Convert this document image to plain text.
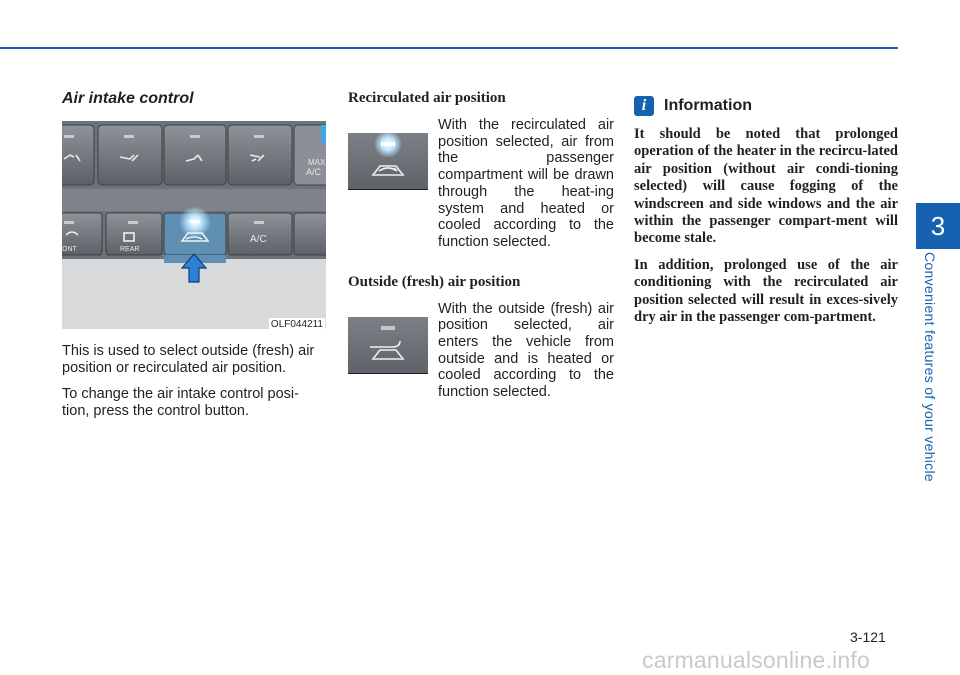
3
Convenient features of your vehicle
Air intake control
MAX
A/C
ONT	REAR
A/C
OLF044211

This is used to select outside (fresh) air position or recirculated air position.

To change the air intake control posi-tion, press the control button.

Recirculated air position
With the recirculated air position selected, air from the passenger compartment will be drawn through the heat-ing system and heated or cooled according to the function selected.
Outside (fresh) air position
With the outside (fresh) air position selected, air enters the vehicle from outside and is heated or cooled according to the function selected.
i	Information

It should be noted that prolonged operation of the heater in the recircu-lated air position (without air condi-tioning selected) will cause fogging of the windscreen and side windows and the air within the passenger compart-ment will become stale.

In addition, prolonged use of the air conditioning with the recirculated air position selected will result in exces-sively dry air in the passenger com-partment.

3-121
carmanualsonline.info
